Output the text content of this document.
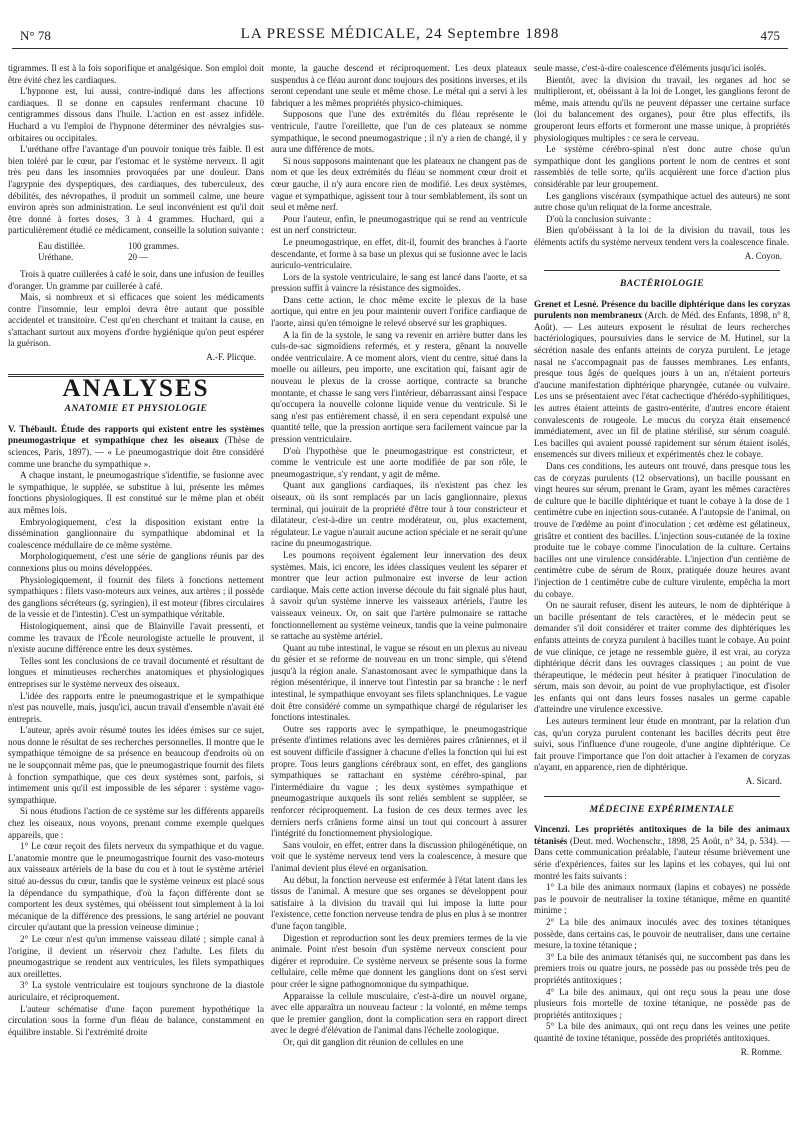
N° 78	LA PRESSE MÉDICALE, 24 Septembre 1898	475

tigrammes. Il est à la fois soporifique et analgésique. Son emploi doit être évité chez les cardiaques.

L'hypnone est, lui aussi, contre-indiqué dans les affections cardiaques. Il se donne en capsules renfermant chacune 10 centigrammes dissous dans l'huile. L'action en est assez infidèle. Huchard a vu l'emploi de l'hypnone déterminer des névralgies sus-orbitaires ou occipitales.

L'uréthane offre l'avantage d'un pouvoir tonique très faible. Il est bien toléré par le cœur, par l'estomac et le système nerveux. Il agit très peu dans les insomnies provoquées par une douleur. Dans l'agrypnie des dyspeptiques, des cardiaques, des tuberculeux, des débilités, des névropathes, il produit un sommeil calme, une heure environ après son administration. Le seul inconvénient est qu'il doit être donné à fortes doses, 3 à 4 grammes. Huchard, qui a particulièrement étudié ce médicament, conseille la solution suivante :

Eau distillée.	100 grammes.
Uréthane.	20 —

Trois à quatre cuillerées à café le soir, dans une infusion de feuilles d'oranger. Un gramme par cuillerée à café.

Mais, si nombreux et si efficaces que soient les médicaments contre l'insomnie, leur emploi devra être autant que possible accidentel et transitoire. C'est qu'en cherchant et traitant la cause, en s'attachant surtout aux moyens d'ordre hygiénique qu'on peut espérer la guérison.

A.-F. Plicque.
ANALYSES
ANATOMIE ET PHYSIOLOGIE

V. Thébault. Étude des rapports qui existent entre les systèmes pneumogastrique et sympathique chez les oiseaux (Thèse de sciences, Paris, 1897). — « Le pneumogastrique doit être considéré comme une branche du sympathique ».

A chaque instant, le pneumogastrique s'identifie, se fusionne avec le sympathique, le supplée, se substitue à lui, présente les mêmes fonctions physiologiques. Il est constitué sur le même plan et obéit aux mêmes lois.

Embryologiquement, c'est la disposition existant entre la dissémination ganglionnaire du sympathique abdominal et la coalescence médullaire de ce même système.

Morphologiquement, c'est une série de ganglions réunis par des connexions plus ou moins développées.

Physiologiquement, il fournit des filets à fonctions nettement sympathiques : filets vaso-moteurs aux veines, aux artères ; il possède des ganglions sécréteurs (g. syringien), il est moteur (fibres circulaires de la vessie et de l'intestin). C'est un sympathique véritable.

Histologiquement, ainsi que de Blainville l'avait pressenti, et comme les travaux de l'École neurologiste actuelle le prouvent, il n'existe aucune différence entre les deux systèmes.

Telles sont les conclusions de ce travail documenté et résultant de longues et minutieuses recherches anatomiques et physiologiques entreprises sur le système nerveux des oiseaux.

L'idée des rapports entre le pneumogastrique et le sympathique n'est pas nouvelle, mais, jusqu'ici, aucun travail d'ensemble n'avait été entrepris.

L'auteur, après avoir résumé toutes les idées émises sur ce sujet, nous donne le résultat de ses recherches personnelles. Il montre que le sympathique témoigne de sa présence en beaucoup d'endroits où on ne le soupçonnait même pas, que le pneumogastrique fournit des filets à fonction sympathique, que ces deux systèmes sont, parfois, si intimement unis qu'il est impossible de les séparer : système vago-sympathique.

Si nous étudions l'action de ce système sur les différents appareils chez les oiseaux, nous voyons, prenant comme exemple quelques appareils, que :

1° Le cœur reçoit des filets nerveux du sympathique et du vague. L'anatomie montre que le pneumogastrique fournit des vaso-moteurs aux vaisseaux artériels de la base du cou et à tout le système artériel situé au-dessus du cœur, tandis que le système veineux est placé sous la dépendance du sympathique, d'où la façon différente dont se comportent les deux systèmes, qui obéissent tout simplement à la loi mécanique de la différence des pressions, le sang artériel ne pouvant circuler qu'autant que la pression veineuse diminue ;

2° Le cœur n'est qu'un immense vaisseau dilaté ; simple canal à l'origine, il devient un réservoir chez l'adulte. Les filets du pneumogastrique se rendent aux ventricules, les filets sympathiques aux oreillettes.

3° La systole ventriculaire est toujours synchrone de la diastole auriculaire, et réciproquement.

L'auteur schématise d'une façon purement hypothétique la circulation sous la forme d'un fléau de balance, constamment en équilibre instable. Si l'extrémité droite

monte, la gauche descend et réciproquement. Les deux plateaux suspendus à ce fléau auront donc toujours des positions inverses, et ils seront cependant une seule et même chose. Le métal qui a servi à les fabriquer a les mêmes propriétés physico-chimiques.

Supposons que l'une des extrémités du fléau représente le ventricule, l'autre l'oreillette, que l'un de ces plateaux se nomme sympathique, le second pneumogastrique ; il n'y a rien de changé, il y aura une différence de mots.

Si nous supposons maintenant que les plateaux ne changent pas de nom et que les deux extrémités du fléau se nomment cœur droit et cœur gauche, il n'y aura encore rien de modifié. Les deux systèmes, vague et sympathique, agissent tour à tour semblablement, ils sont un seul et même nerf.

Pour l'auteur, enfin, le pneumogastrique qui se rend au ventricule est un nerf constricteur.

Le pneumogastrique, en effet, dit-il, fournit des branches à l'aorte descendante, et forme à sa base un plexus qui se fusionne avec le lacis auriculo-ventriculaire.

Lors de la systole ventriculaire, le sang est lancé dans l'aorte, et sa pression suffit à vaincre la résistance des sigmoïdes.

Dans cette action, le choc même excite le plexus de la base aortique, qui entre en jeu pour maintenir ouvert l'orifice cardiaque de l'aorte, ainsi qu'en témoigne le relevé observé sur les graphiques.

A la fin de la systole, le sang va revenir en arrière butter dans les culs-de-sac sigmoïdiens refermés, et y restera, gênant la nouvelle ondée ventriculaire. A ce moment alors, vient du centre, situé dans la moelle ou ailleurs, peu importe, une excitation qui, faisant agir de nouveau le plexus de la crosse aortique, contracte sa branche montante, et chasse le sang vers l'intérieur, débarrassant ainsi l'espace qu'occupera la nouvelle colonne liquide venue du ventricule. Si le sang n'est pas entièrement chassé, il en sera cependant expulsé une quantité telle, que la pression aortique sera facilement vaincue par la pression ventriculaire.

D'où l'hypothèse que le pneumogastrique est constricteur, et comme le ventricule est une aorte modifiée de par son rôle, le pneumogastrique, s'y rendant, y agit de même.

Quant aux ganglions cardiaques, ils n'existent pas chez les oiseaux, où ils sont remplacés par un lacis ganglionnaire, plexus terminal, qui jouirait de la propriété d'être tour à tour constricteur et dilatateur, c'est-à-dire un centre modérateur, ou, plus exactement, régulateur. Le vague n'aurait aucune action spéciale et ne serait qu'une racine du pneumogastrique.

Les poumons reçoivent également leur innervation des deux systèmes. Mais, ici encore, les idées classiques veulent les séparer et montrer que leur action pulmonaire est inverse de leur action cardiaque. Mais cette action inverse découle du fait signalé plus haut, à savoir qu'un système innerve les vaisseaux artériels, l'autre les vaisseaux veineux. Or, on sait que l'artère pulmonaire se rattache fonctionnellement au système veineux, tandis que la veine pulmonaire se rattache au système artériel.

Quant au tube intestinal, le vague se résout en un plexus au niveau du gésier et se reforme de nouveau en un tronc simple, qui s'étend jusqu'à la région anale. S'anastomosant avec le sympathique dans la région mésentérique, il innerve tout l'intestin par sa branche : le nerf intestinal, le sympathique envoyant ses filets splanchniques. Le vague doit être considéré comme un sympathique chargé de régulariser les fonctions intestinales.

Outre ses rapports avec le sympathique, le pneumogastrique présente d'intimes relations avec les dernières paires crâniennes, et il est souvent difficile d'assigner à chacune d'elles la fonction qui lui est propre. Tous leurs ganglions cérébraux sont, en effet, des ganglions sympathiques se rattachant en système cérébro-spinal, par l'intermédiaire du vague ; les deux systèmes sympathique et pneumogastrique auxquels ils sont reliés semblent se suppléer, se renforcer réciproquement. La fusion de ces deux termes avec les derniers nerfs crâniens forme ainsi un tout qui concourt à assurer l'intégrité du fonctionnement physiologique.

Sans vouloir, en effet, entrer dans la discussion philogénétique, on voit que le système nerveux tend vers la coalescence, à mesure que l'animal devient plus élevé en organisation.

Au début, la fonction nerveuse est enfermée à l'état latent dans les tissus de l'animal. A mesure que ses organes se développent pour satisfaire à la division du travail qui lui impose la lutte pour l'existence, cette fonction nerveuse tendra de plus en plus à se montrer d'une façon tangible.

Digestion et reproduction sont les deux premiers termes de la vie animale. Point n'est besoin d'un système nerveux conscient pour digérer et reproduire. Ce système nerveux se présente sous la forme cellulaire, celle même que donnent les ganglions dont on s'est servi pour créer le signe pathognomonique du sympathique.

Apparaisse la cellule musculaire, c'est-à-dire un nouvel organe, avec elle apparaîtra un nouveau facteur : la volonté, en même temps que le premier ganglion, dont la complication sera en rapport direct avec le degré d'élévation de l'animal dans l'échelle zoologique.

Or, qui dit ganglion dit réunion de cellules en une

seule masse, c'est-à-dire coalescence d'éléments jusqu'ici isolés.

Bientôt, avec la division du travail, les organes ad hoc se multiplieront, et, obéissant à la loi de Longet, les ganglions feront de même, mais attendu qu'ils ne peuvent dépasser une certaine surface (loi du balancement des organes), pour être plus effectifs, ils grouperont leurs efforts et formeront une masse unique, à propriétés physiologiques multiples : ce sera le cerveau.

Le système cérébro-spinal n'est donc autre chose qu'un sympathique dont les ganglions portent le nom de centres et sont rassemblés de telle sorte, qu'ils acquièrent une force d'action plus considérable par leur groupement.

Les ganglions viscéraux (sympathique actuel des auteurs) ne sont autre chose qu'un reliquat de la forme ancestrale.

D'où la conclusion suivante :

Bien qu'obéissant à la loi de la division du travail, tous les éléments actifs du système nerveux tendent vers la coalescence finale.

A. Coyon.
BACTÉRIOLOGIE

Grenet et Lesné. Présence du bacille diphtérique dans les coryzas purulents non membraneux (Arch. de Méd. des Enfants, 1898, n° 8, Août). — Les auteurs exposent le résultat de leurs recherches bactériologiques, poursuivies dans le service de M. Hutinel, sur la sécrétion nasale des enfants atteints de coryza purulent. Le jetage nasal ne s'accompagnait pas de fausses membranes. Les enfants, presque tous âgés de quelques jours à un an, n'étaient porteurs d'aucune manifestation diphtérique pharyngée, cutanée ou vulvaire. Les uns se présentaient avec l'état cachectique d'hérédo-syphilitiques, les autres étaient atteints de gastro-entérite, d'autres encore étaient convalescents de rougeole. Le mucus du coryza était ensemencé immédiatement, avec un fil de platine stérilisé, sur sérum coagulé. Les bacilles qui avaient poussé rapidement sur sérum étaient isolés, ensemencés sur divers milieux et expérimentés chez le cobaye.

Dans ces conditions, les auteurs ont trouvé, dans presque tous les cas de coryzas purulents (12 observations), un bacille poussant en vingt heures sur sérum, prenant le Gram, ayant les mêmes caractères de culture que le bacille diphtérique et tuant le cobaye à la dose de 1 centimètre cube en injection sous-cutanée. A l'autopsie de l'animal, on trouve de l'œdème au point d'inoculation ; cet œdème est gélatineux, grisâtre et contient des bacilles. L'injection sous-cutanée de la toxine produite tue le cobaye comme l'inoculation de la culture. Certains bacilles ont une virulence considérable. L'injection d'un centième de centimètre cube de sérum de Roux, pratiquée douze heures avant l'injection de 1 centimètre cube de culture virulente, empêcha la mort du cobaye.

On ne saurait refuser, disent les auteurs, le nom de diphtérique à un bacille présentant de tels caractères, et le médecin peut se demander s'il doit considérer et traiter comme des diphtériques les enfants atteints de coryza purulent à bacilles tuant le cobaye. Au point de vue clinique, ce jetage ne ressemble guère, il est vrai, au coryza diphtérique décrit dans les ouvrages classiques ; au point de vue thérapeutique, le médecin peut hésiter à pratiquer l'inoculation de sérum, mais son devoir, au point de vue prophylactique, est d'isoler les enfants qui ont dans leurs fosses nasales un germe capable d'atteindre une virulence excessive.

Les auteurs terminent leur étude en montrant, par la relation d'un cas, qu'un coryza purulent contenant les bacilles décrits peut être suivi, sous l'influence d'une rougeole, d'une angine diphtérique. Ce fait prouve l'importance que l'on doit attacher à l'examen de coryzas n'ayant, en apparence, rien de diphtérique.

A. Sicard.
MÉDECINE EXPÉRIMENTALE

Vincenzi. Les propriétés antitoxiques de la bile des animaux tétanisés (Deut. med. Wochenschr., 1898, 25 Août, n° 34, p. 534). — Dans cette communication préalable, l'auteur résume brièvement une série d'expériences, faites sur les lapins et les cobayes, qui lui ont montré les faits suivants :

1° La bile des animaux normaux (lapins et cobayes) ne possède pas le pouvoir de neutraliser la toxine tétanique, même en quantité minime ;

2° La bile des animaux inoculés avec des toxines tétaniques possède, dans certains cas, le pouvoir de neutraliser, dans une certaine mesure, la toxine tétanique ;

3° La bile des animaux tétanisés qui, ne succombent pas dans les premiers trois ou quatre jours, ne possède pas ou possède très peu de propriétés antitoxiques ;

4° La bile des animaux, qui ont reçu sous la peau une dose plusieurs fois mortelle de toxine tétanique, ne possède pas de propriétés antitoxiques ;

5° La bile des animaux, qui ont reçu dans les veines une petite quantité de toxine tétanique, possède des propriétés antitoxiques.

R. Romme.
